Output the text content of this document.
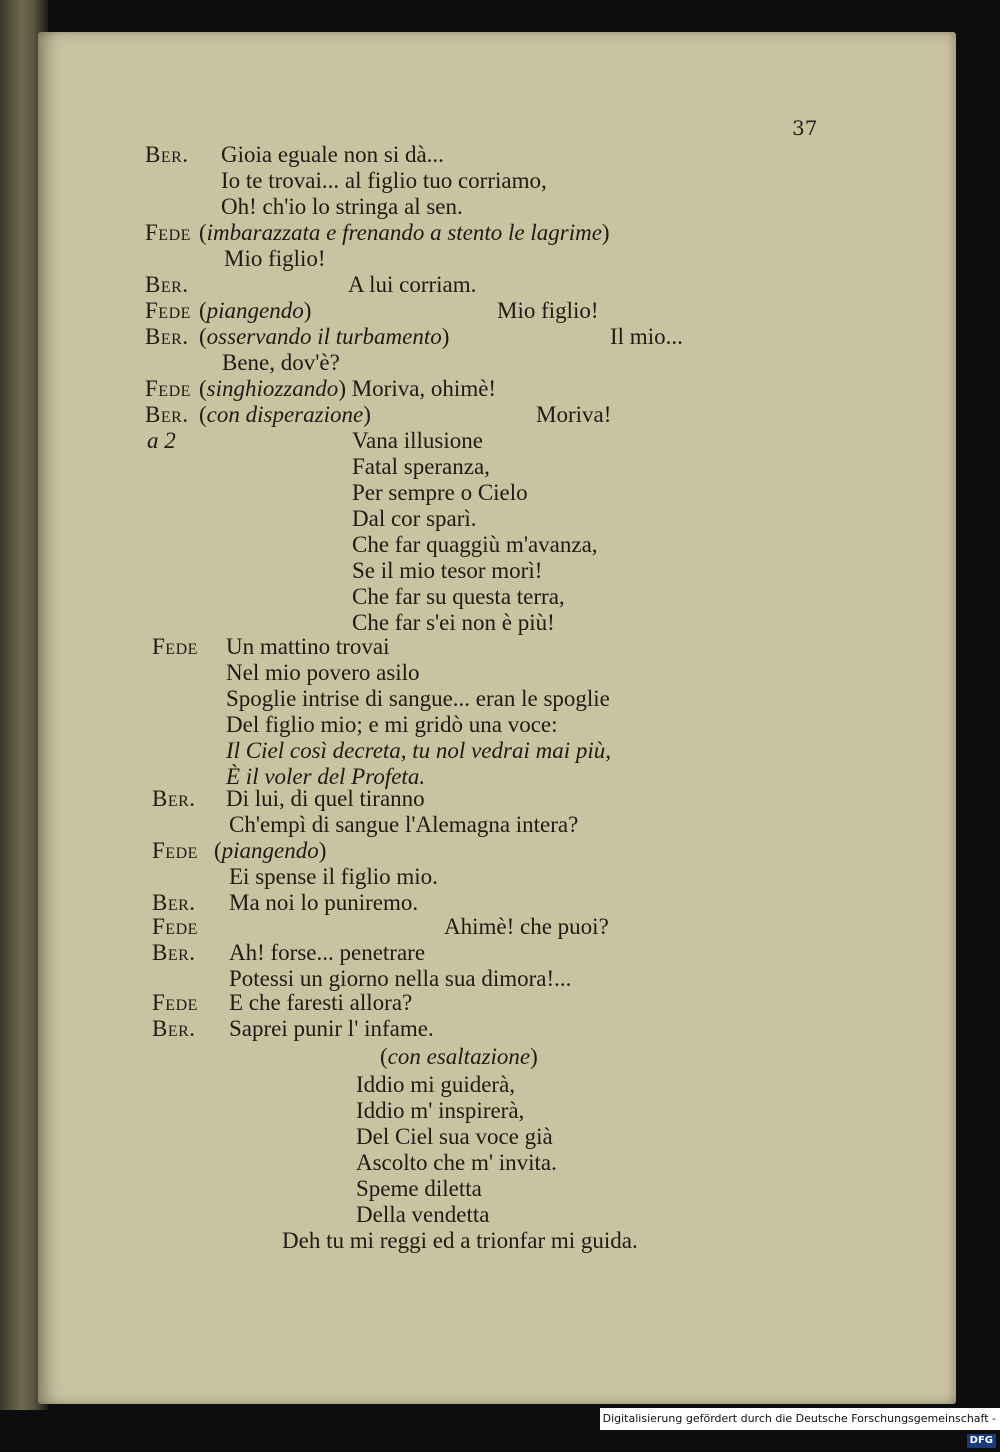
37
Ber. Gioia eguale non si dà...
Io te trovai... al figlio tuo corriamo,
Oh! ch'io lo stringa al sen.
Fede (imbarazzata e frenando a stento le lagrime)
Mio figlio!
Ber.	A lui corriam.
Fede (piangendo)	Mio figlio!
Ber. (osservando il turbamento)	Il mio...
Bene, dov'è?
Fede (singhiozzando) Moriva, ohimè!
Ber. (con disperazione)	Moriva!
a 2	Vana illusione
Fatal speranza,
Per sempre o Cielo
Dal cor sparì.
Che far quaggiù m'avanza,
Se il mio tesor morì!
Che far su questa terra,
Che far s'ei non è più!
Fede Un mattino trovai
Nel mio povero asilo
Spoglie intrise di sangue... eran le spoglie
Del figlio mio; e mi gridò una voce:
Il Ciel così decreta, tu nol vedrai mai più,
È il voler del Profeta.
Ber. Di lui, di quel tiranno
Ch'empì di sangue l'Alemagna intera?
Fede (piangendo)
Ei spense il figlio mio.
Ber. Ma noi lo puniremo.
Fede	Ahimè! che puoi?
Ber. Ah! forse... penetrare
Potessi un giorno nella sua dimora!...
Fede E che faresti allora?
Ber. Saprei punir l' infame.
(con esaltazione)
Iddio mi guiderà,
Iddio m' inspirerà,
Del Ciel sua voce già
Ascolto che m' invita.
Speme diletta
Della vendetta
Deh tu mi reggi ed a trionfar mi guida.
Digitalisierung gefördert durch die Deutsche Forschungsgemeinschaft -DFG
